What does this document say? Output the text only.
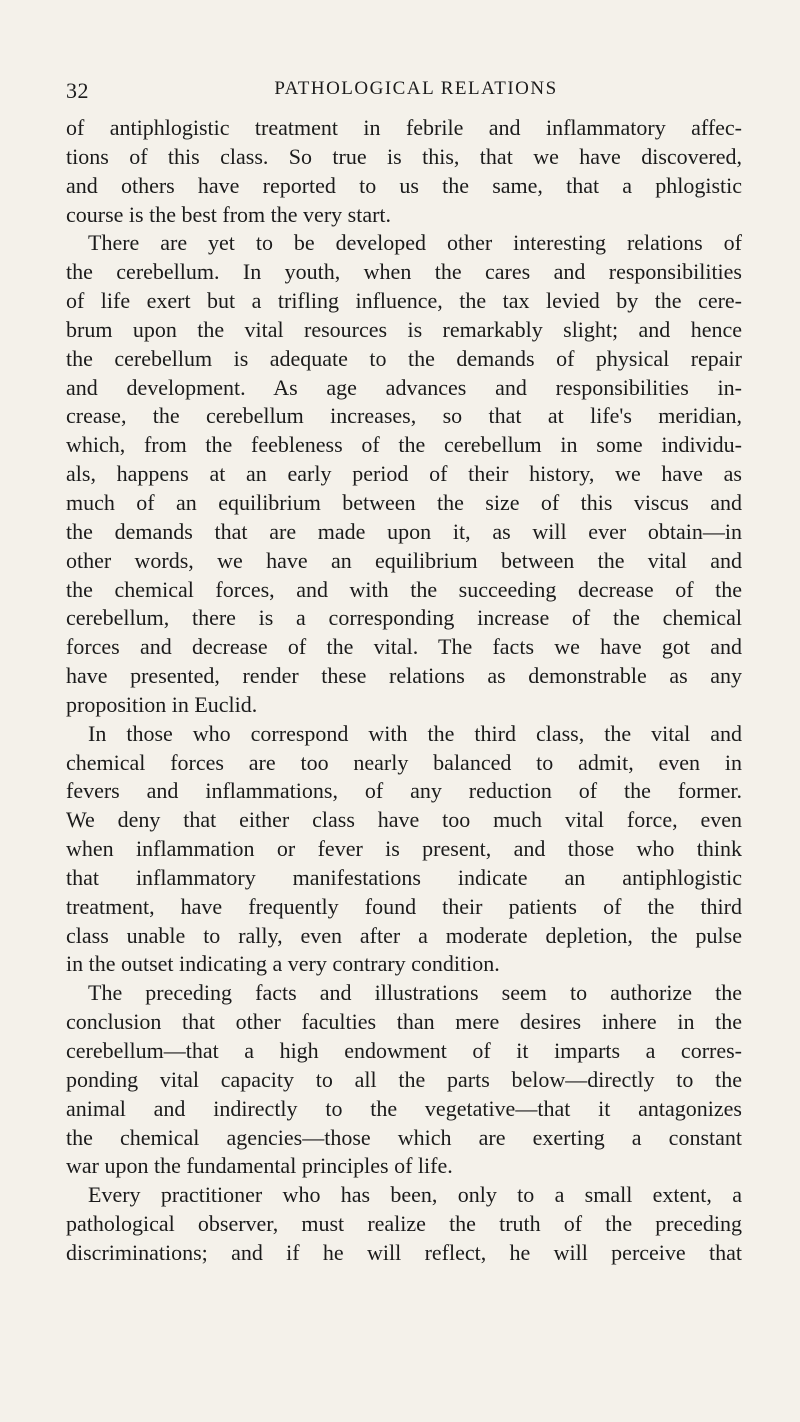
32	PATHOLOGICAL RELATIONS
of antiphlogistic treatment in febrile and inflammatory affec-
tions of this class. So true is this, that we have discovered,
and others have reported to us the same, that a phlogistic
course is the best from the very start.
There are yet to be developed other interesting relations of
the cerebellum. In youth, when the cares and responsibilities
of life exert but a trifling influence, the tax levied by the cere-
brum upon the vital resources is remarkably slight; and hence
the cerebellum is adequate to the demands of physical repair
and development. As age advances and responsibilities in-
crease, the cerebellum increases, so that at life's meridian,
which, from the feebleness of the cerebellum in some individu-
als, happens at an early period of their history, we have as
much of an equilibrium between the size of this viscus and
the demands that are made upon it, as will ever obtain—in
other words, we have an equilibrium between the vital and
the chemical forces, and with the succeeding decrease of the
cerebellum, there is a corresponding increase of the chemical
forces and decrease of the vital. The facts we have got and
have presented, render these relations as demonstrable as any
proposition in Euclid.
In those who correspond with the third class, the vital and
chemical forces are too nearly balanced to admit, even in
fevers and inflammations, of any reduction of the former.
We deny that either class have too much vital force, even
when inflammation or fever is present, and those who think
that inflammatory manifestations indicate an antiphlogistic
treatment, have frequently found their patients of the third
class unable to rally, even after a moderate depletion, the pulse
in the outset indicating a very contrary condition.
The preceding facts and illustrations seem to authorize the
conclusion that other faculties than mere desires inhere in the
cerebellum—that a high endowment of it imparts a corres-
ponding vital capacity to all the parts below—directly to the
animal and indirectly to the vegetative—that it antagonizes
the chemical agencies—those which are exerting a constant
war upon the fundamental principles of life.
Every practitioner who has been, only to a small extent, a
pathological observer, must realize the truth of the preceding
discriminations; and if he will reflect, he will perceive that
